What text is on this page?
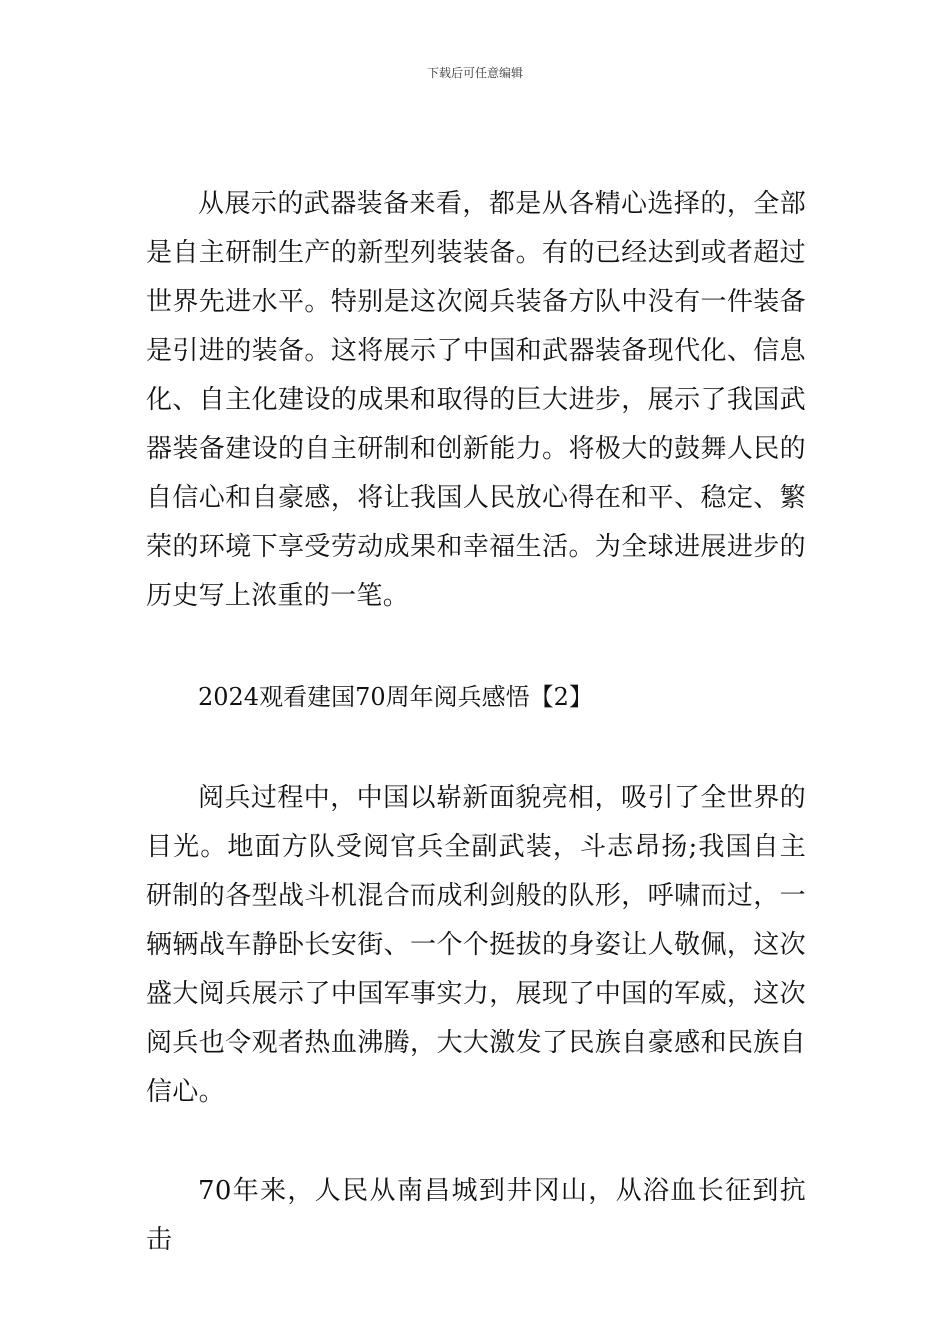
下载后可任意编辑

从展示的武器装备来看，都是从各精心选择的，全部是自主研制生产的新型列装装备。有的已经达到或者超过世界先进水平。特别是这次阅兵装备方队中没有一件装备是引进的装备。这将展示了中国和武器装备现代化、信息化、自主化建设的成果和取得的巨大进步，展示了我国武器装备建设的自主研制和创新能力。将极大的鼓舞人民的自信心和自豪感，将让我国人民放心得在和平、稳定、繁荣的环境下享受劳动成果和幸福生活。为全球进展进步的历史写上浓重的一笔。

2024观看建国70周年阅兵感悟【2】

阅兵过程中，中国以崭新面貌亮相，吸引了全世界的目光。地面方队受阅官兵全副武装，斗志昂扬;我国自主研制的各型战斗机混合而成利剑般的队形，呼啸而过，一辆辆战车静卧长安街、一个个挺拔的身姿让人敬佩，这次盛大阅兵展示了中国军事实力，展现了中国的军威，这次阅兵也令观者热血沸腾，大大激发了民族自豪感和民族自信心。

70年来，人民从南昌城到井冈山，从浴血长征到抗击
